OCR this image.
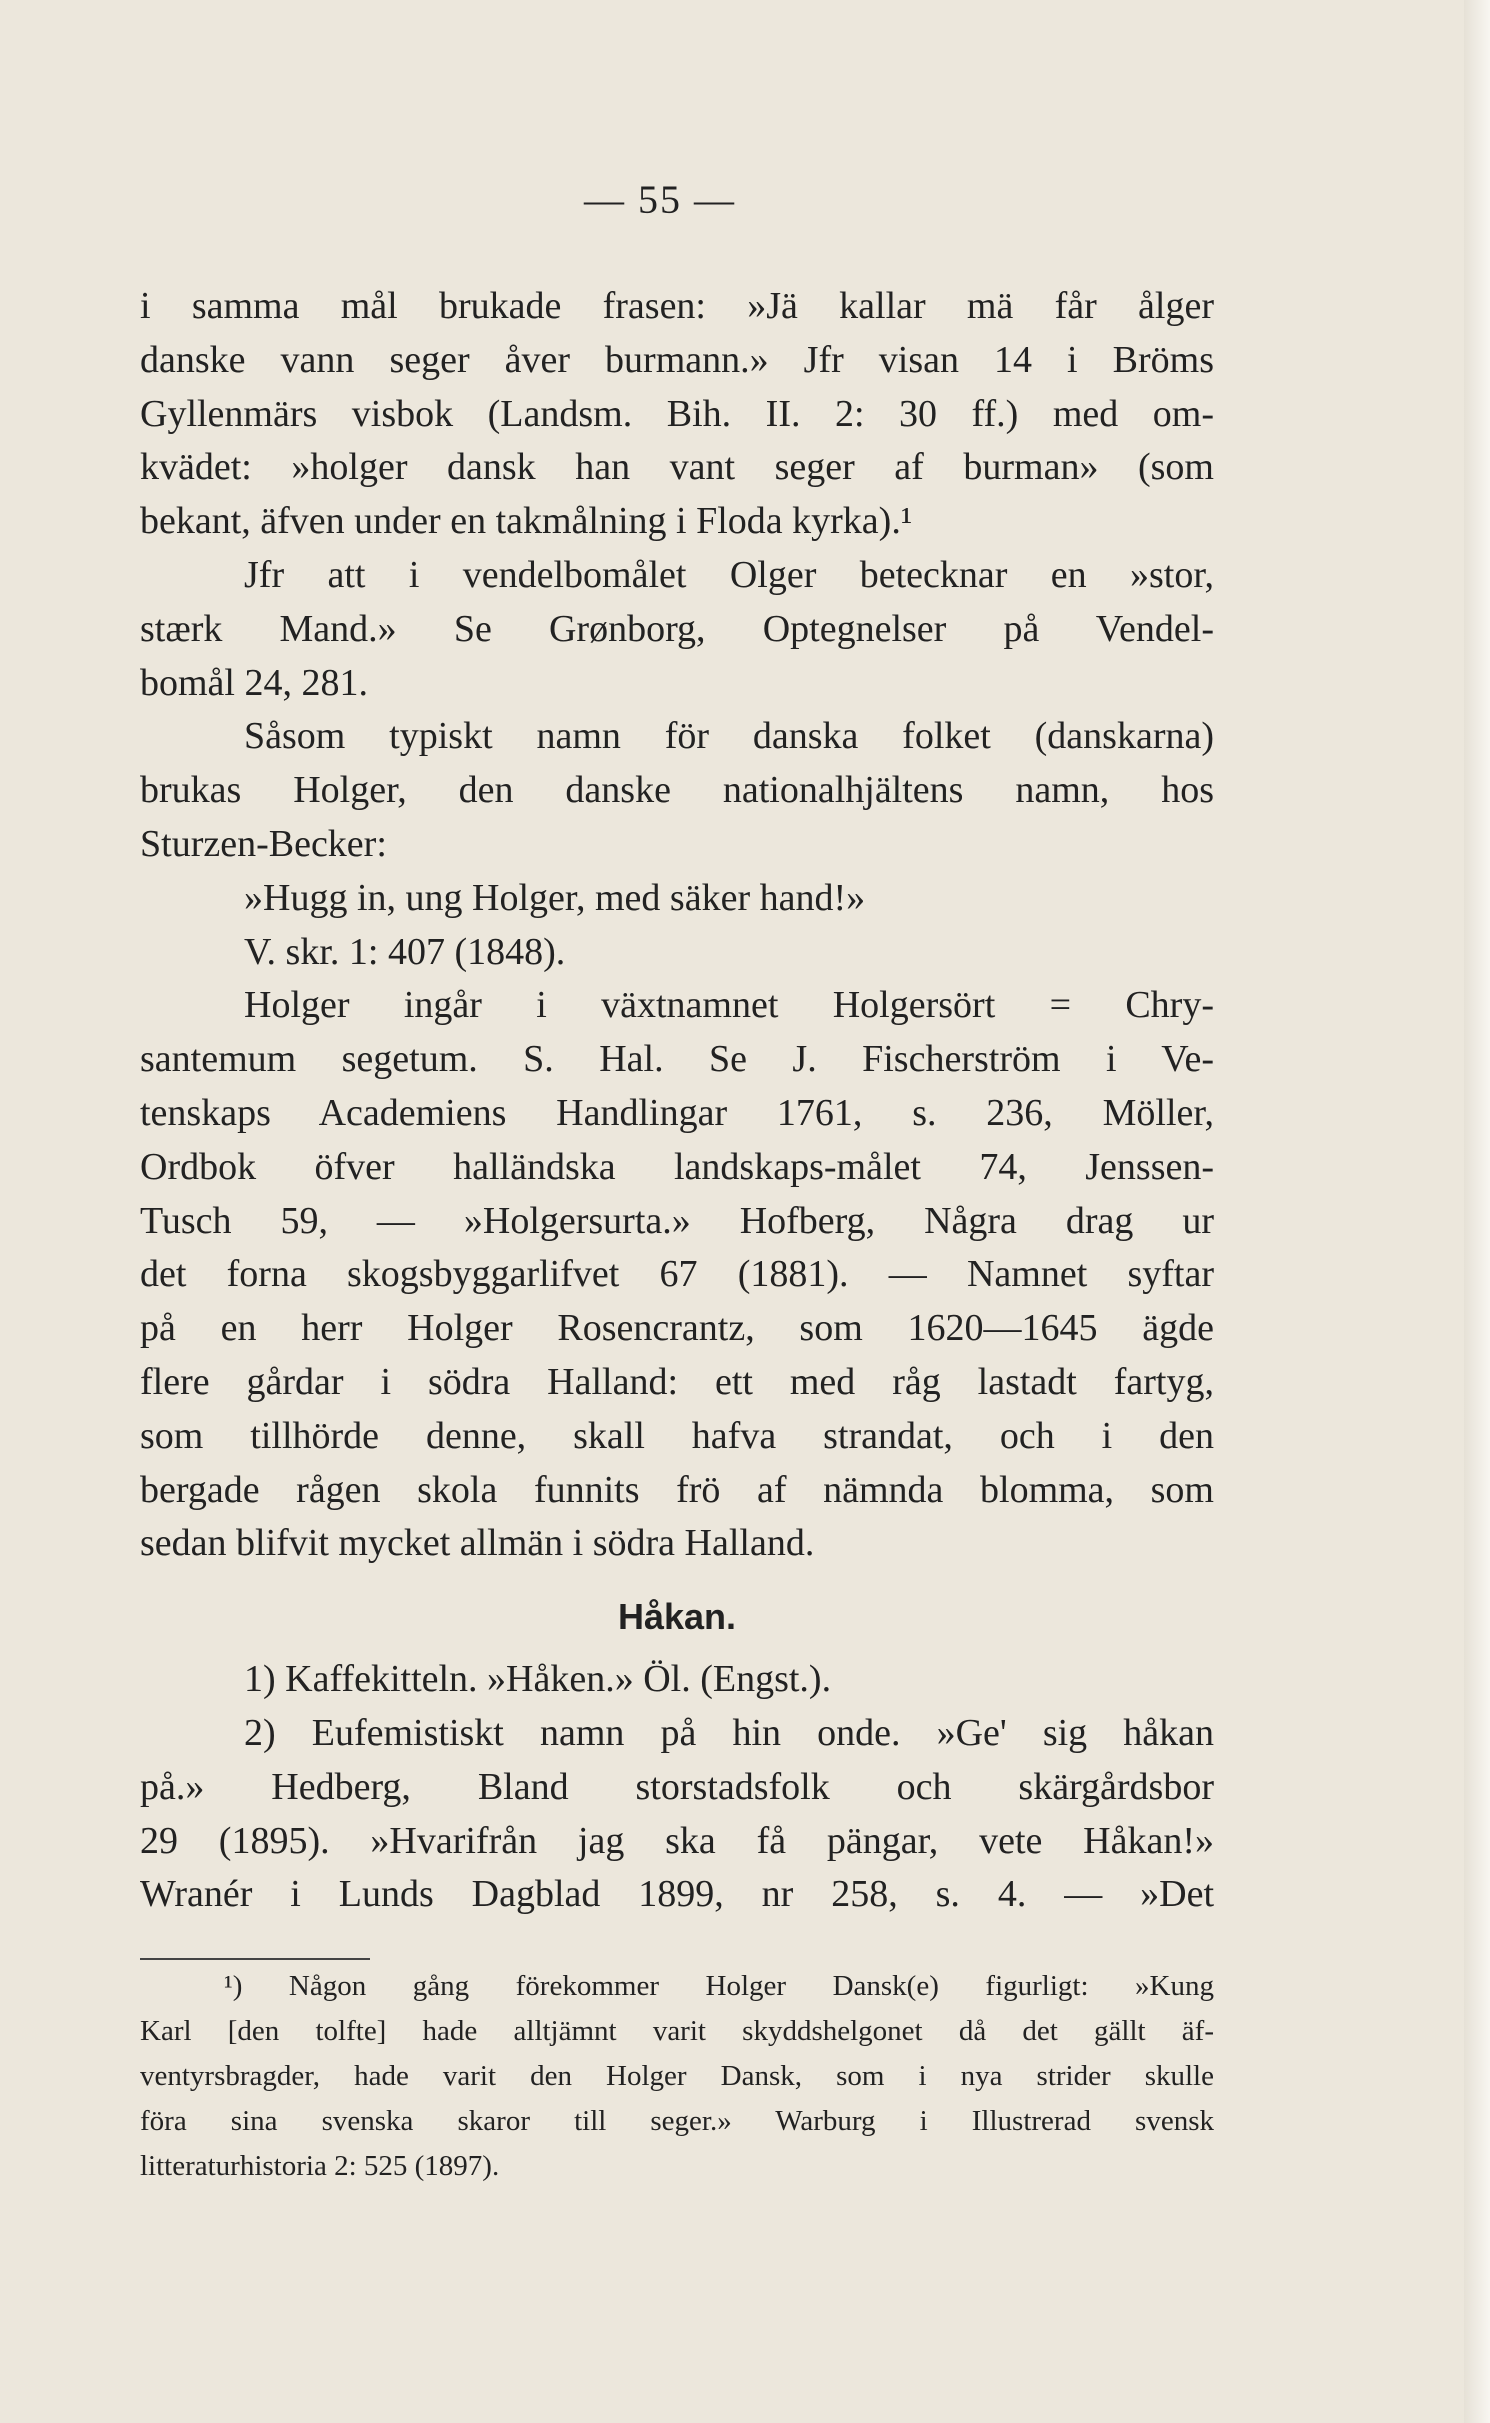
— 55 —
i samma mål brukade frasen: »Jä kallar mä får ålger
danske vann seger åver burmann.» Jfr visan 14 i Bröms
Gyllenmärs visbok (Landsm. Bih. II. 2: 30 ff.) med om-
kvädet: »holger dansk han vant seger af burman» (som
bekant, äfven under en takmålning i Floda kyrka).¹
Jfr att i vendelbomålet Olger betecknar en »stor,
stærk Mand.» Se Grønborg, Optegnelser på Vendel-
bomål 24, 281.
Såsom typiskt namn för danska folket (danskarna)
brukas Holger, den danske nationalhjältens namn, hos
Sturzen-Becker:
»Hugg in, ung Holger, med säker hand!»
V. skr. 1: 407 (1848).
Holger ingår i växtnamnet Holgersört = Chry-
santemum segetum. S. Hal. Se J. Fischerström i Ve-
tenskaps Academiens Handlingar 1761, s. 236, Möller,
Ordbok öfver halländska landskaps-målet 74, Jenssen-
Tusch 59, — »Holgersurta.» Hofberg, Några drag ur
det forna skogsbyggarlifvet 67 (1881). — Namnet syftar
på en herr Holger Rosencrantz, som 1620—1645 ägde
flere gårdar i södra Halland: ett med råg lastadt fartyg,
som tillhörde denne, skall hafva strandat, och i den
bergade rågen skola funnits frö af nämnda blomma, som
sedan blifvit mycket allmän i södra Halland.
Håkan.
1) Kaffekitteln. »Håken.» Öl. (Engst.).
2) Eufemistiskt namn på hin onde. »Ge' sig håkan
på.» Hedberg, Bland storstadsfolk och skärgårdsbor
29 (1895). »Hvarifrån jag ska få pängar, vete Håkan!»
Wranér i Lunds Dagblad 1899, nr 258, s. 4. — »Det
¹) Någon gång förekommer Holger Dansk(e) figurligt: »Kung
Karl [den tolfte] hade alltjämnt varit skyddshelgonet då det gällt äf-
ventyrsbragder, hade varit den Holger Dansk, som i nya strider skulle
föra sina svenska skaror till seger.» Warburg i Illustrerad svensk
litteraturhistoria 2: 525 (1897).
